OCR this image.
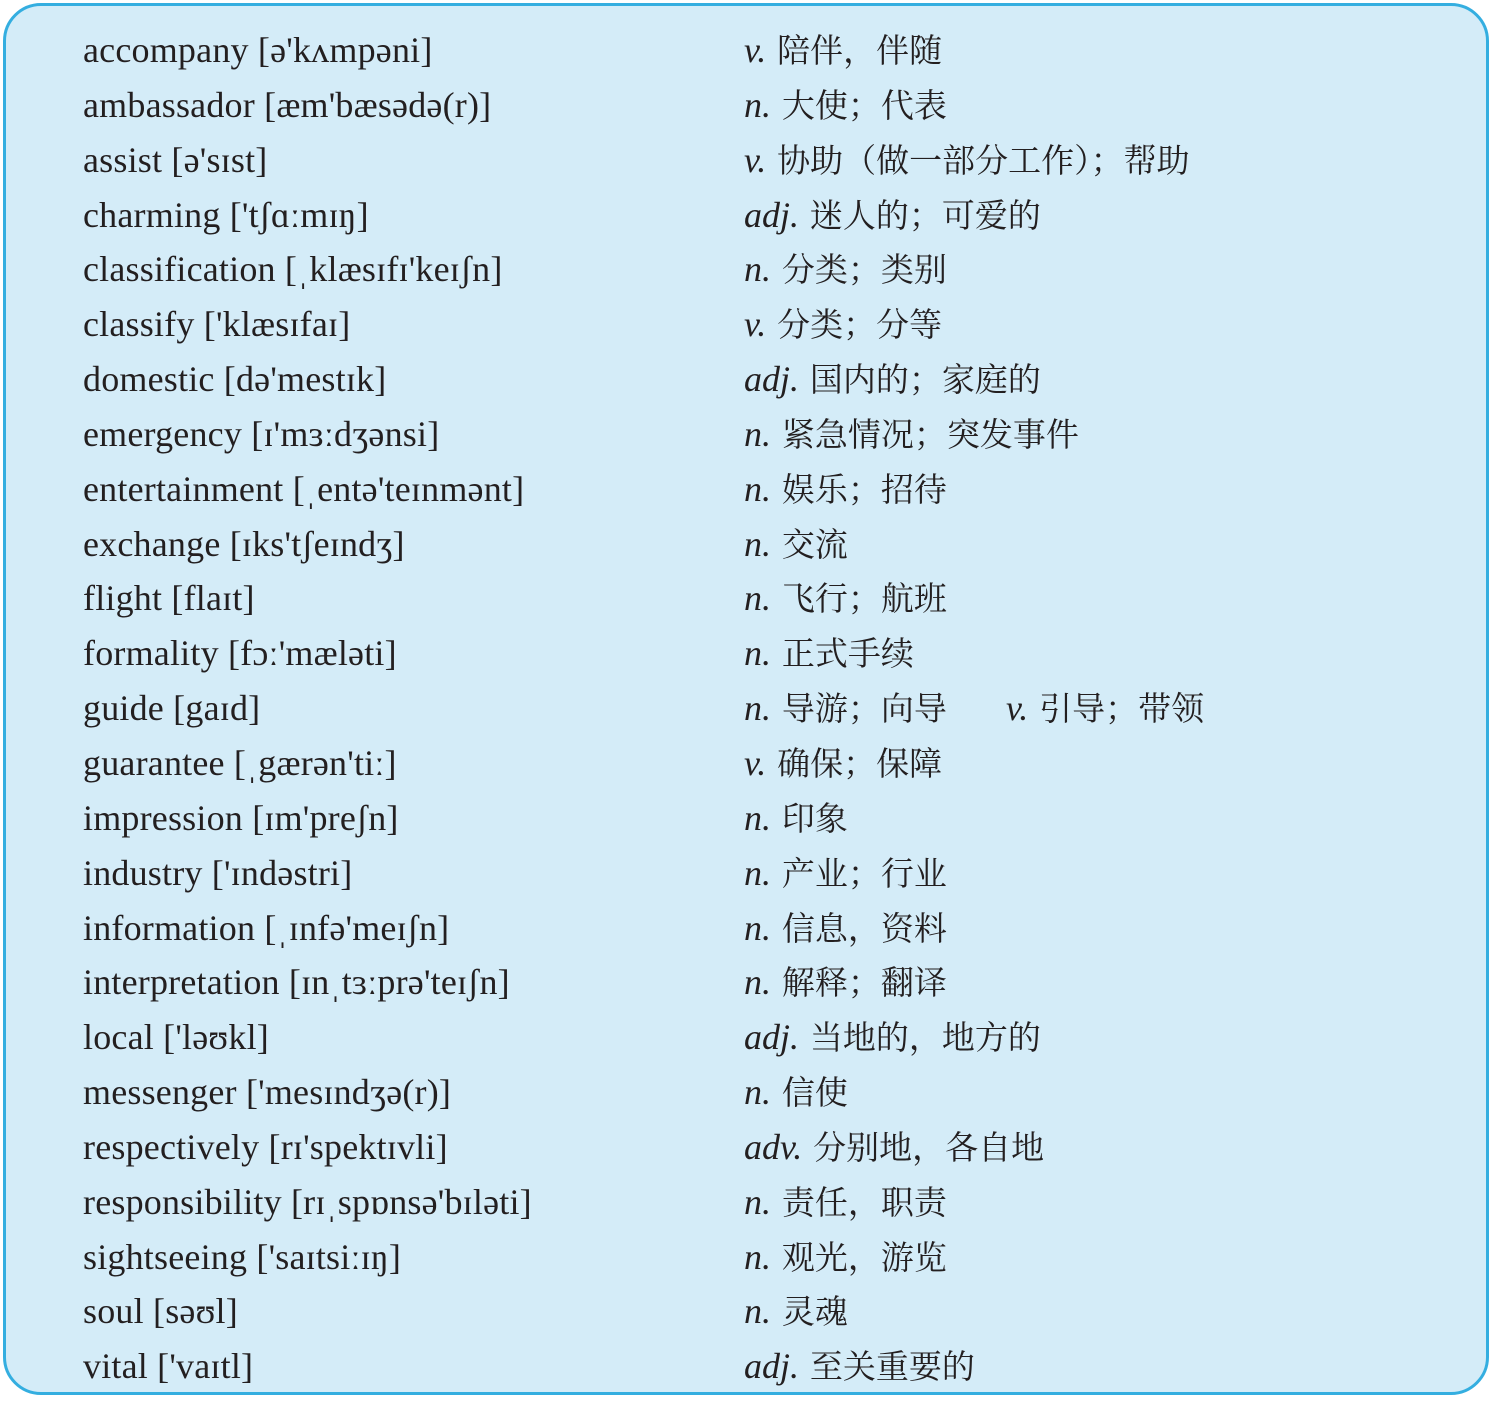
accompany [ə'kʌmpəni]	v. 陪伴，伴随
ambassador [æm'bæsədə(r)]	n. 大使；代表
assist [ə'sɪst]	v. 协助（做一部分工作）；帮助
charming ['tʃɑːmɪŋ]	adj. 迷人的；可爱的
classification [ˌklæsɪfɪ'keɪʃn]	n. 分类；类别
classify ['klæsɪfaɪ]	v. 分类；分等
domestic [də'mestɪk]	adj. 国内的；家庭的
emergency [ɪ'mɜːdʒənsi]	n. 紧急情况；突发事件
entertainment [ˌentə'teɪnmənt]	n. 娱乐；招待
exchange [ɪks'tʃeɪndʒ]	n. 交流
flight [flaɪt]	n. 飞行；航班
formality [fɔː'mæləti]	n. 正式手续
guide [gaɪd]	n. 导游；向导 v. 引导；带领
guarantee [ˌgærən'tiː]	v. 确保；保障
impression [ɪm'preʃn]	n. 印象
industry ['ɪndəstri]	n. 产业；行业
information [ˌɪnfə'meɪʃn]	n. 信息，资料
interpretation [ɪnˌtɜːprə'teɪʃn]	n. 解释；翻译
local ['ləʊkl]	adj. 当地的，地方的
messenger ['mesɪndʒə(r)]	n. 信使
respectively [rɪ'spektɪvli]	adv. 分别地，各自地
responsibility [rɪˌspɒnsə'bɪləti]	n. 责任，职责
sightseeing ['saɪtsiːɪŋ]	n. 观光，游览
soul [səʊl]	n. 灵魂
vital ['vaɪtl]	adj. 至关重要的
